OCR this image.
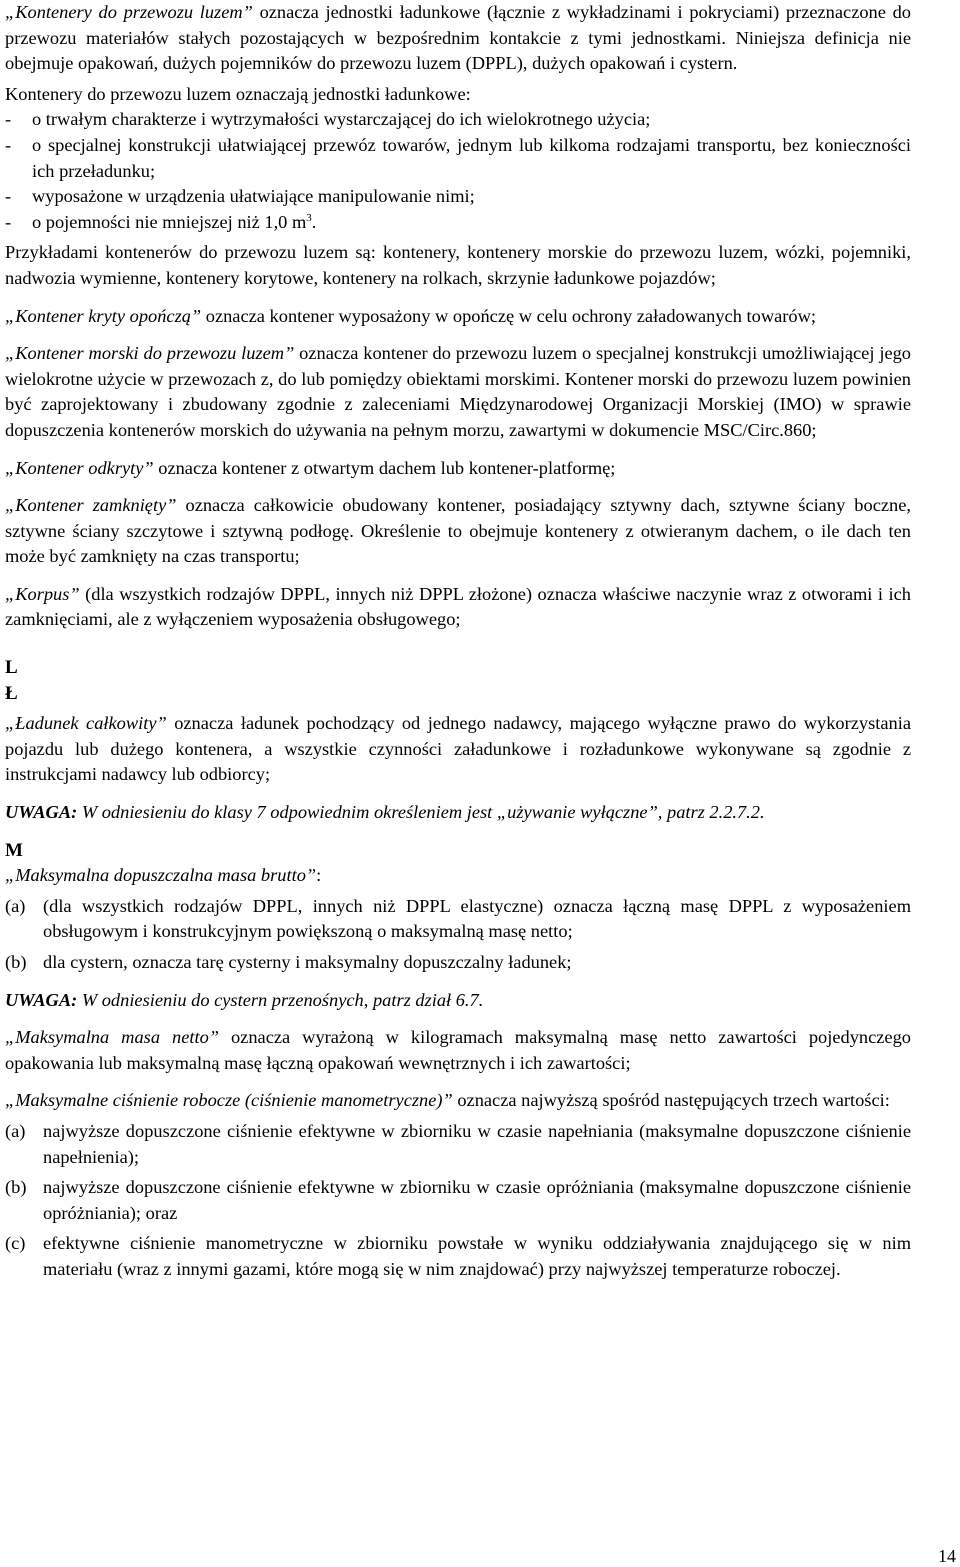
„Kontenery do przewozu luzem” oznacza jednostki ładunkowe (łącznie z wykładzinami i pokryciami) przeznaczone do przewozu materiałów stałych pozostających w bezpośrednim kontakcie z tymi jednostkami. Niniejsza definicja nie obejmuje opakowań, dużych pojemników do przewozu luzem (DPPL), dużych opakowań i cystern.

Kontenery do przewozu luzem oznaczają jednostki ładunkowe:

-	o trwałym charakterze i wytrzymałości wystarczającej do ich wielokrotnego użycia;
-	o specjalnej konstrukcji ułatwiającej przewóz towarów, jednym lub kilkoma rodzajami transportu, bez konieczności ich przeładunku;
-	wyposażone w urządzenia ułatwiające manipulowanie nimi;
-	o pojemności nie mniejszej niż 1,0 $m^3$.

Przykładami kontenerów do przewozu luzem są: kontenery, kontenery morskie do przewozu luzem, wózki, pojemniki, nadwozia wymienne, kontenery korytowe, kontenery na rolkach, skrzynie ładunkowe pojazdów;

„Kontener kryty opończą” oznacza kontener wyposażony w opończę w celu ochrony załadowanych towarów;

„Kontener morski do przewozu luzem” oznacza kontener do przewozu luzem o specjalnej konstrukcji umożliwiającej jego wielokrotne użycie w przewozach z, do lub pomiędzy obiektami morskimi. Kontener morski do przewozu luzem powinien być zaprojektowany i zbudowany zgodnie z zaleceniami Międzynarodowej Organizacji Morskiej (IMO) w sprawie dopuszczenia kontenerów morskich do używania na pełnym morzu, zawartymi w dokumencie MSC/Circ.860;

„Kontener odkryty” oznacza kontener z otwartym dachem lub kontener-platformę;

„Kontener zamknięty” oznacza całkowicie obudowany kontener, posiadający sztywny dach, sztywne ściany boczne, sztywne ściany szczytowe i sztywną podłogę. Określenie to obejmuje kontenery z otwieranym dachem, o ile dach ten może być zamknięty na czas transportu;

„Korpus” (dla wszystkich rodzajów DPPL, innych niż DPPL złożone) oznacza właściwe naczynie wraz z otworami i ich zamknięciami, ale z wyłączeniem wyposażenia obsługowego;

L

Ł

„Ładunek całkowity” oznacza ładunek pochodzący od jednego nadawcy, mającego wyłączne prawo do wykorzystania pojazdu lub dużego kontenera, a wszystkie czynności załadunkowe i rozładunkowe wykonywane są zgodnie z instrukcjami nadawcy lub odbiorcy;

UWAGA: W odniesieniu do klasy 7 odpowiednim określeniem jest „używanie wyłączne”, patrz 2.2.7.2.

M

„Maksymalna dopuszczalna masa brutto”:

(a) (dla wszystkich rodzajów DPPL, innych niż DPPL elastyczne) oznacza łączną masę DPPL z wyposażeniem obsługowym i konstrukcyjnym powiększoną o maksymalną masę netto;
(b) dla cystern, oznacza tarę cysterny i maksymalny dopuszczalny ładunek;

UWAGA: W odniesieniu do cystern przenośnych, patrz dział 6.7.

„Maksymalna masa netto” oznacza wyrażoną w kilogramach maksymalną masę netto zawartości pojedynczego opakowania lub maksymalną masę łączną opakowań wewnętrznych i ich zawartości;

„Maksymalne ciśnienie robocze (ciśnienie manometryczne)” oznacza najwyższą spośród następujących trzech wartości:

(a) najwyższe dopuszczone ciśnienie efektywne w zbiorniku w czasie napełniania (maksymalne dopuszczone ciśnienie napełnienia);
(b) najwyższe dopuszczone ciśnienie efektywne w zbiorniku w czasie opróżniania (maksymalne dopuszczone ciśnienie opróżniania); oraz
(c) efektywne ciśnienie manometryczne w zbiorniku powstałe w wyniku oddziaływania znajdującego się w nim materiału (wraz z innymi gazami, które mogą się w nim znajdować) przy najwyższej temperaturze roboczej.
14
